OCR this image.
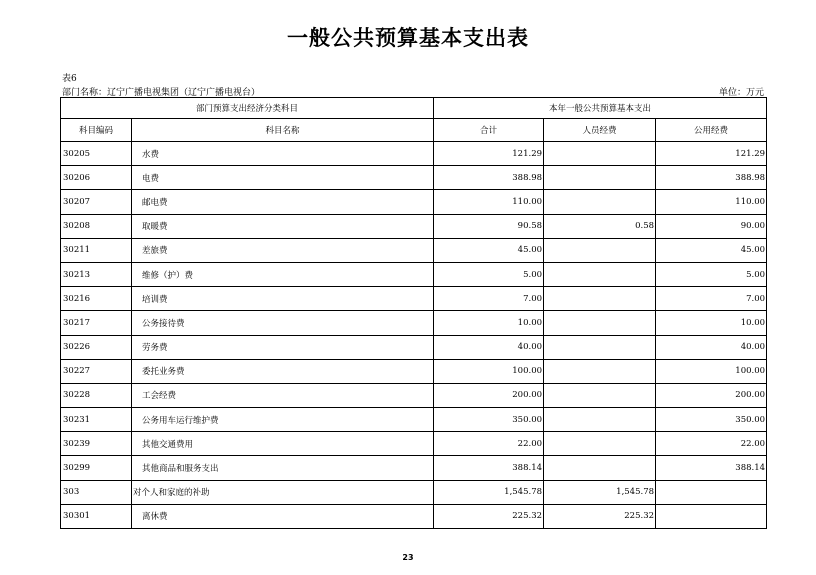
一般公共预算基本支出表
表6
部门名称：辽宁广播电视集团（辽宁广播电视台）	单位：万元
部门预算支出经济分类科目		本年一般公共预算基本支出		
科目编码	科目名称	合计	人员经费	公用经费
30205	水费	121.29		121.29
30206	电费	388.98		388.98
30207	邮电费	110.00		110.00
30208	取暖费	90.58	0.58	90.00
30211	差旅费	45.00		45.00
30213	维修（护）费	5.00		5.00
30216	培训费	7.00		7.00
30217	公务接待费	10.00		10.00
30226	劳务费	40.00		40.00
30227	委托业务费	100.00		100.00
30228	工会经费	200.00		200.00
30231	公务用车运行维护费	350.00		350.00
30239	其他交通费用	22.00		22.00
30299	其他商品和服务支出	388.14		388.14
303	对个人和家庭的补助	1,545.78	1,545.78	
30301	离休费	225.32	225.32	
23
